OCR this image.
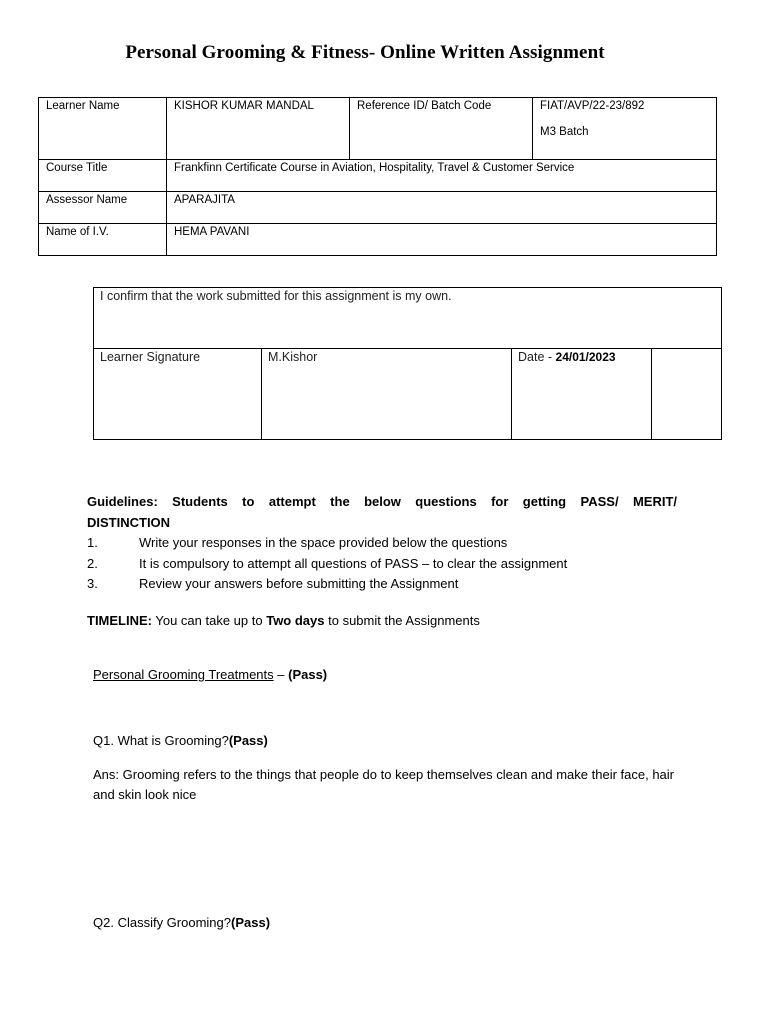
Personal Grooming & Fitness- Online Written Assignment
Learner Name	KISHOR KUMAR MANDAL	Reference ID/ Batch Code	FIAT/AVP/22-23/892
M3 Batch

Course Title	Frankfinn Certificate Course in Aviation, Hospitality, Travel & Customer Service		
Assessor Name	APARAJITA		
Name of I.V.	HEMA PAVANI		
I confirm that the work submitted for this assignment is my own.
Learner Signature	M.Kishor	Date - 24/01/2023	
Guidelines: Students to attempt the below questions for getting PASS/ MERIT/
DISTINCTION
1.	Write your responses in the space provided below the questions
2.	It is compulsory to attempt all questions of PASS – to clear the assignment
3.	Review your answers before submitting the Assignment
TIMELINE: You can take up to Two days to submit the Assignments
Personal Grooming Treatments – (Pass)
Q1. What is Grooming?(Pass)
Ans: Grooming refers to the things that people do to keep themselves clean and make their face, hair and skin look nice
Q2. Classify Grooming?(Pass)
